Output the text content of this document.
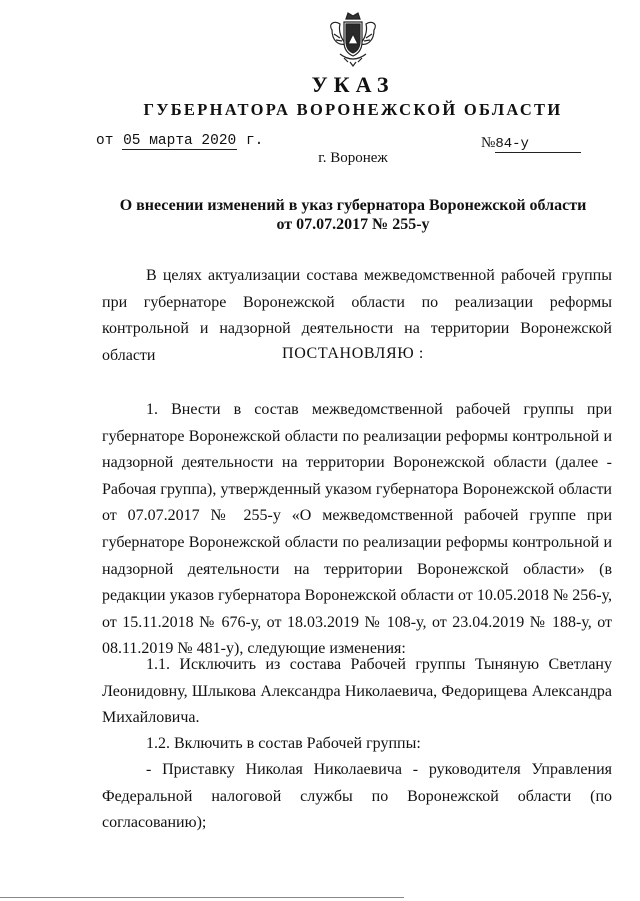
УКАЗ
ГУБЕРНАТОРА ВОРОНЕЖСКОЙ ОБЛАСТИ
от 05 марта 2020 г.	№84-у
г. Воронеж
О внесении изменений в указ губернатора Воронежской области
от 07.07.2017 № 255-у

В целях актуализации состава межведомственной рабочей группы при губернаторе Воронежской области по реализации реформы контрольной и надзорной деятельности на территории Воронежской области	ПОСТАНОВЛЯЮ :

1. Внести в состав межведомственной рабочей группы при губернаторе Воронежской области по реализации реформы контрольной и надзорной деятельности на территории Воронежской области (далее - Рабочая группа), утвержденный указом губернатора Воронежской области от 07.07.2017 № 255-у «О межведомственной рабочей группе при губернаторе Воронежской области по реализации реформы контрольной и надзорной деятельности на территории Воронежской области» (в редакции указов губернатора Воронежской области от 10.05.2018 № 256-у, от 15.11.2018 № 676-у, от 18.03.2019 № 108-у, от 23.04.2019 № 188-у, от 08.11.2019 № 481-у), следующие изменения:

1.1. Исключить из состава Рабочей группы Тыняную Светлану Леонидовну, Шлыкова Александра Николаевича, Федорищева Александра Михайловича.

1.2. Включить в состав Рабочей группы:

- Приставку Николая Николаевича - руководителя Управления Федеральной налоговой службы по Воронежской области (по согласованию);
